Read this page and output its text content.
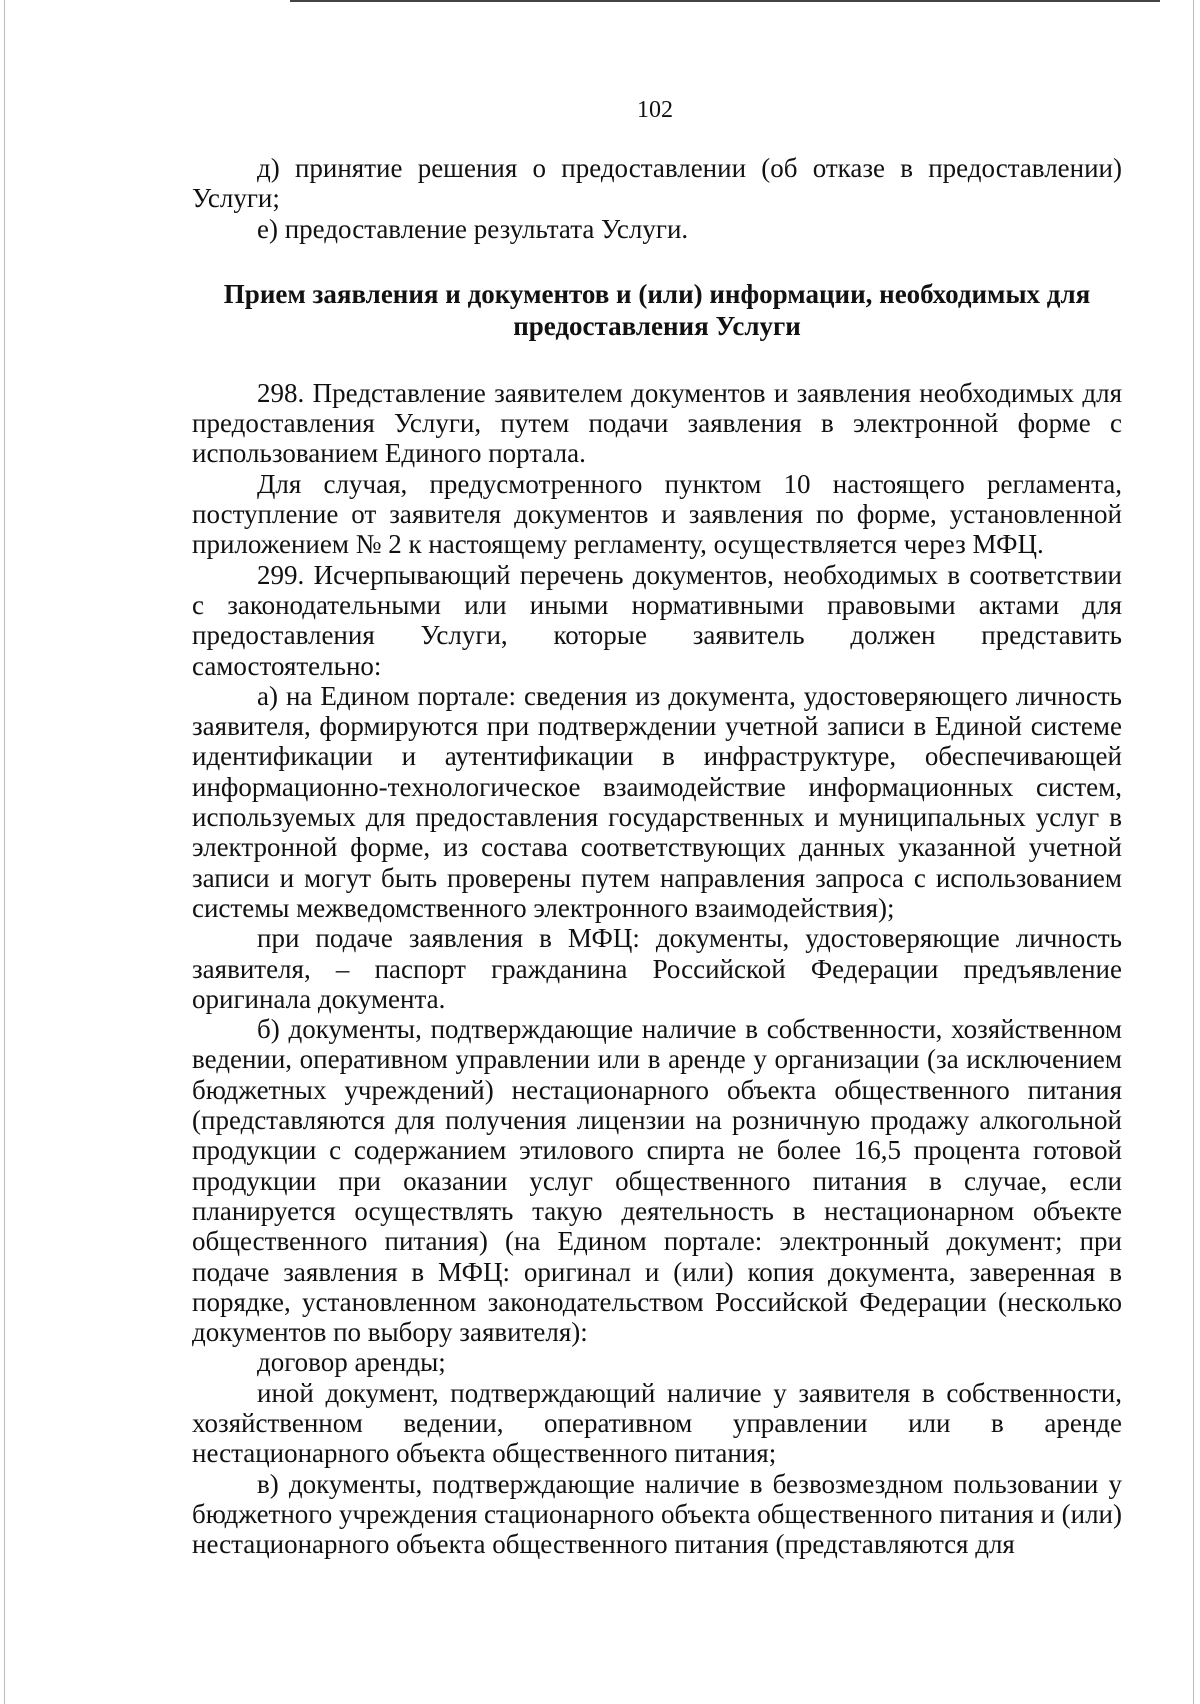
102

д) принятие решения о предоставлении (об отказе в предоставлении) Услуги;

е) предоставление результата Услуги.

Прием заявления и документов и (или) информации, необходимых для предоставления Услуги

298. Представление заявителем документов и заявления необходимых для предоставления Услуги, путем подачи заявления в электронной форме с использованием Единого портала.

Для случая, предусмотренного пунктом 10 настоящего регламента, поступление от заявителя документов и заявления по форме, установленной приложением № 2 к настоящему регламенту, осуществляется через МФЦ.

299. Исчерпывающий перечень документов, необходимых в соответствии с законодательными или иными нормативными правовыми актами для предоставления Услуги, которые заявитель должен представить самостоятельно:

а) на Едином портале: сведения из документа, удостоверяющего личность заявителя, формируются при подтверждении учетной записи в Единой системе идентификации и аутентификации в инфраструктуре, обеспечивающей информационно-технологическое взаимодействие информационных систем, используемых для предоставления государственных и муниципальных услуг в электронной форме, из состава соответствующих данных указанной учетной записи и могут быть проверены путем направления запроса с использованием системы межведомственного электронного взаимодействия);

при подаче заявления в МФЦ: документы, удостоверяющие личность заявителя, – паспорт гражданина Российской Федерации предъявление оригинала документа.

б) документы, подтверждающие наличие в собственности, хозяйственном ведении, оперативном управлении или в аренде у организации (за исключением бюджетных учреждений) нестационарного объекта общественного питания (представляются для получения лицензии на розничную продажу алкогольной продукции с содержанием этилового спирта не более 16,5 процента готовой продукции при оказании услуг общественного питания в случае, если планируется осуществлять такую деятельность в нестационарном объекте общественного питания) (на Едином портале: электронный документ; при подаче заявления в МФЦ: оригинал и (или) копия документа, заверенная в порядке, установленном законодательством Российской Федерации (несколько документов по выбору заявителя):

договор аренды;

иной документ, подтверждающий наличие у заявителя в собственности, хозяйственном ведении, оперативном управлении или в аренде нестационарного объекта общественного питания;

в) документы, подтверждающие наличие в безвозмездном пользовании у бюджетного учреждения стационарного объекта общественного питания и (или) нестационарного объекта общественного питания (представляются для
